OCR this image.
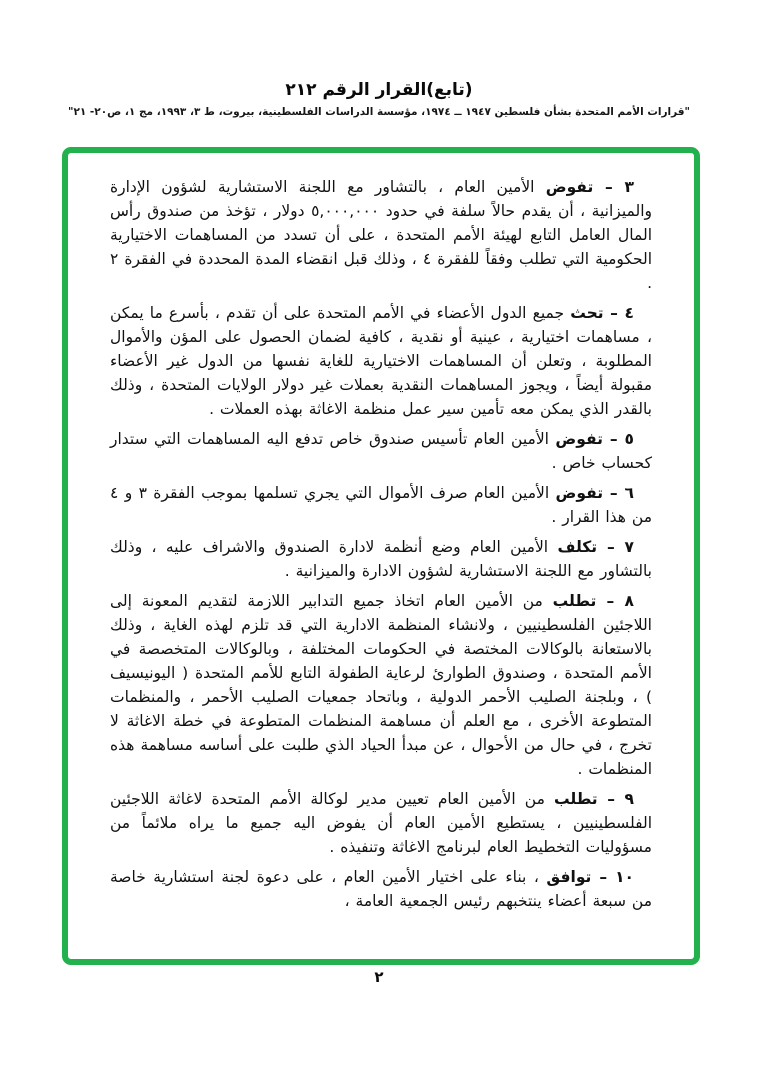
(تابع)القرار الرقم ٢١٢
"قرارات الأمم المتحدة بشأن فلسطين ١٩٤٧ ــ ١٩٧٤، مؤسسة الدراسات الفلسطينية، بيروت، ط ٣، ١٩٩٣، مج ١، ص٢٠- ٢١"

٣ – تفوض الأمين العام ، بالتشاور مع اللجنة الاستشارية لشؤون الإدارة والميزانية ، أن يقدم حالاً سلفة في حدود ٥,٠٠٠,٠٠٠ دولار ، تؤخذ من صندوق رأس المال العامل التابع لهيئة الأمم المتحدة ، على أن تسدد من المساهمات الاختيارية الحكومية التي تطلب وفقاً للفقرة ٤ ، وذلك قبل انقضاء المدة المحددة في الفقرة ٢ .

٤ – تحث جميع الدول الأعضاء في الأمم المتحدة على أن تقدم ، بأسرع ما يمكن ، مساهمات اختيارية ، عينية أو نقدية ، كافية لضمان الحصول على المؤن والأموال المطلوبة ، وتعلن أن المساهمات الاختيارية للغاية نفسها من الدول غير الأعضاء مقبولة أيضاً ، ويجوز المساهمات النقدية بعملات غير دولار الولايات المتحدة ، وذلك بالقدر الذي يمكن معه تأمين سير عمل منظمة الاغاثة بهذه العملات .

٥ – تفوض الأمين العام تأسيس صندوق خاص تدفع اليه المساهمات التي ستدار كحساب خاص .

٦ – تفوض الأمين العام صرف الأموال التي يجري تسلمها بموجب الفقرة ٣ و ٤ من هذا القرار .

٧ – تكلف الأمين العام وضع أنظمة لادارة الصندوق والاشراف عليه ، وذلك بالتشاور مع اللجنة الاستشارية لشؤون الادارة والميزانية .

٨ – تطلب من الأمين العام اتخاذ جميع التدابير اللازمة لتقديم المعونة إلى اللاجئين الفلسطينيين ، ولانشاء المنظمة الادارية التي قد تلزم لهذه الغاية ، وذلك بالاستعانة بالوكالات المختصة في الحكومات المختلفة ، وبالوكالات المتخصصة في الأمم المتحدة ، وصندوق الطوارئ لرعاية الطفولة التابع للأمم المتحدة ( اليونيسيف ) ، وبلجنة الصليب الأحمر الدولية ، وباتحاد جمعيات الصليب الأحمر ، والمنظمات المتطوعة الأخرى ، مع العلم أن مساهمة المنظمات المتطوعة في خطة الاغاثة لا تخرج ، في حال من الأحوال ، عن مبدأ الحياد الذي طلبت على أساسه مساهمة هذه المنظمات .

٩ – تطلب من الأمين العام تعيين مدير لوكالة الأمم المتحدة لاغاثة اللاجئين الفلسطينيين ، يستطيع الأمين العام أن يفوض اليه جميع ما يراه ملائماً من مسؤوليات التخطيط العام لبرنامج الاغاثة وتنفيذه .

١٠ – توافق ، بناء على اختيار الأمين العام ، على دعوة لجنة استشارية خاصة من سبعة أعضاء ينتخبهم رئيس الجمعية العامة ،

٢
